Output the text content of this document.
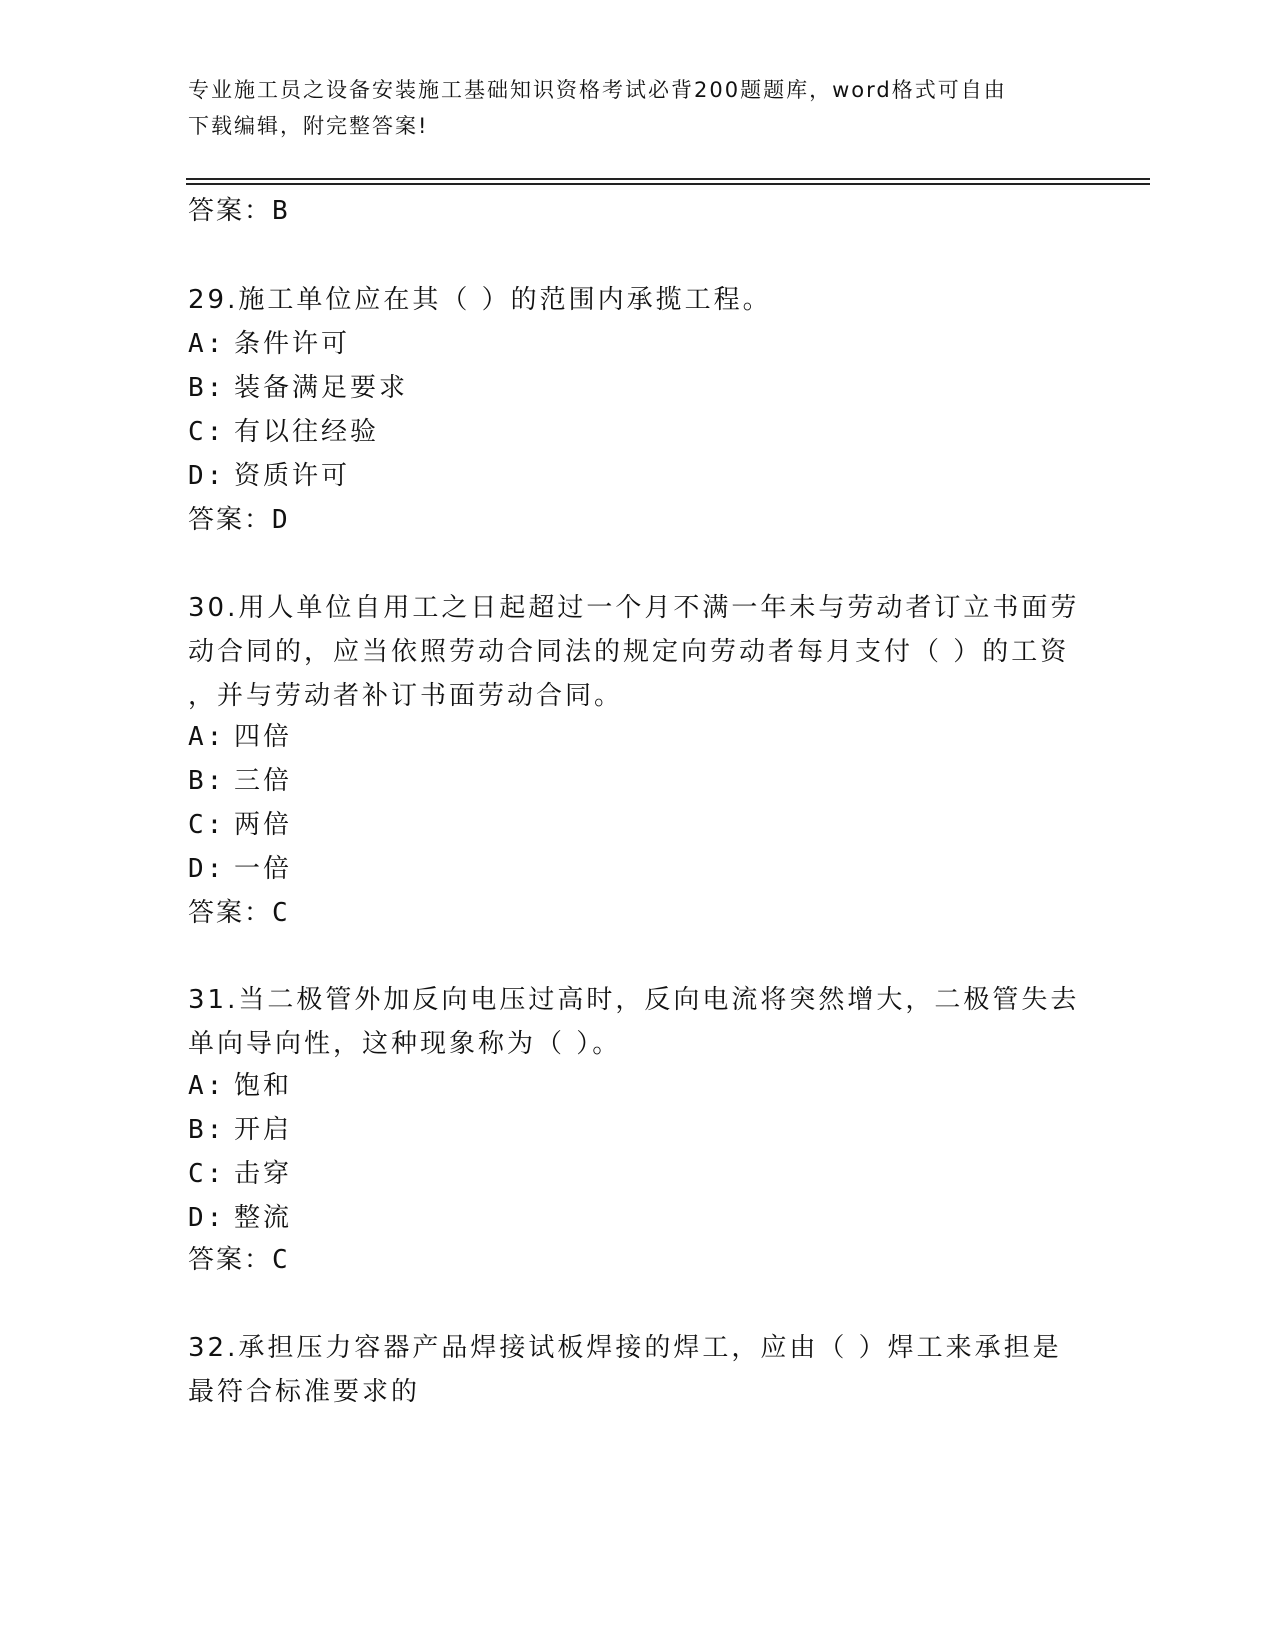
专业施工员之设备安装施工基础知识资格考试必背200题题库，word格式可自由
下载编辑，附完整答案!
答案：B
29.施工单位应在其（ ）的范围内承揽工程。
A: 条件许可
B: 装备满足要求
C: 有以往经验
D: 资质许可
答案：D
30.用人单位自用工之日起超过一个月不满一年未与劳动者订立书面劳
动合同的，应当依照劳动合同法的规定向劳动者每月支付（ ）的工资
，并与劳动者补订书面劳动合同。
A: 四倍
B: 三倍
C: 两倍
D: 一倍
答案：C
31.当二极管外加反向电压过高时，反向电流将突然增大，二极管失去
单向导向性，这种现象称为（ ）。
A: 饱和
B: 开启
C: 击穿
D: 整流
答案：C
32.承担压力容器产品焊接试板焊接的焊工，应由（ ）焊工来承担是
最符合标准要求的
